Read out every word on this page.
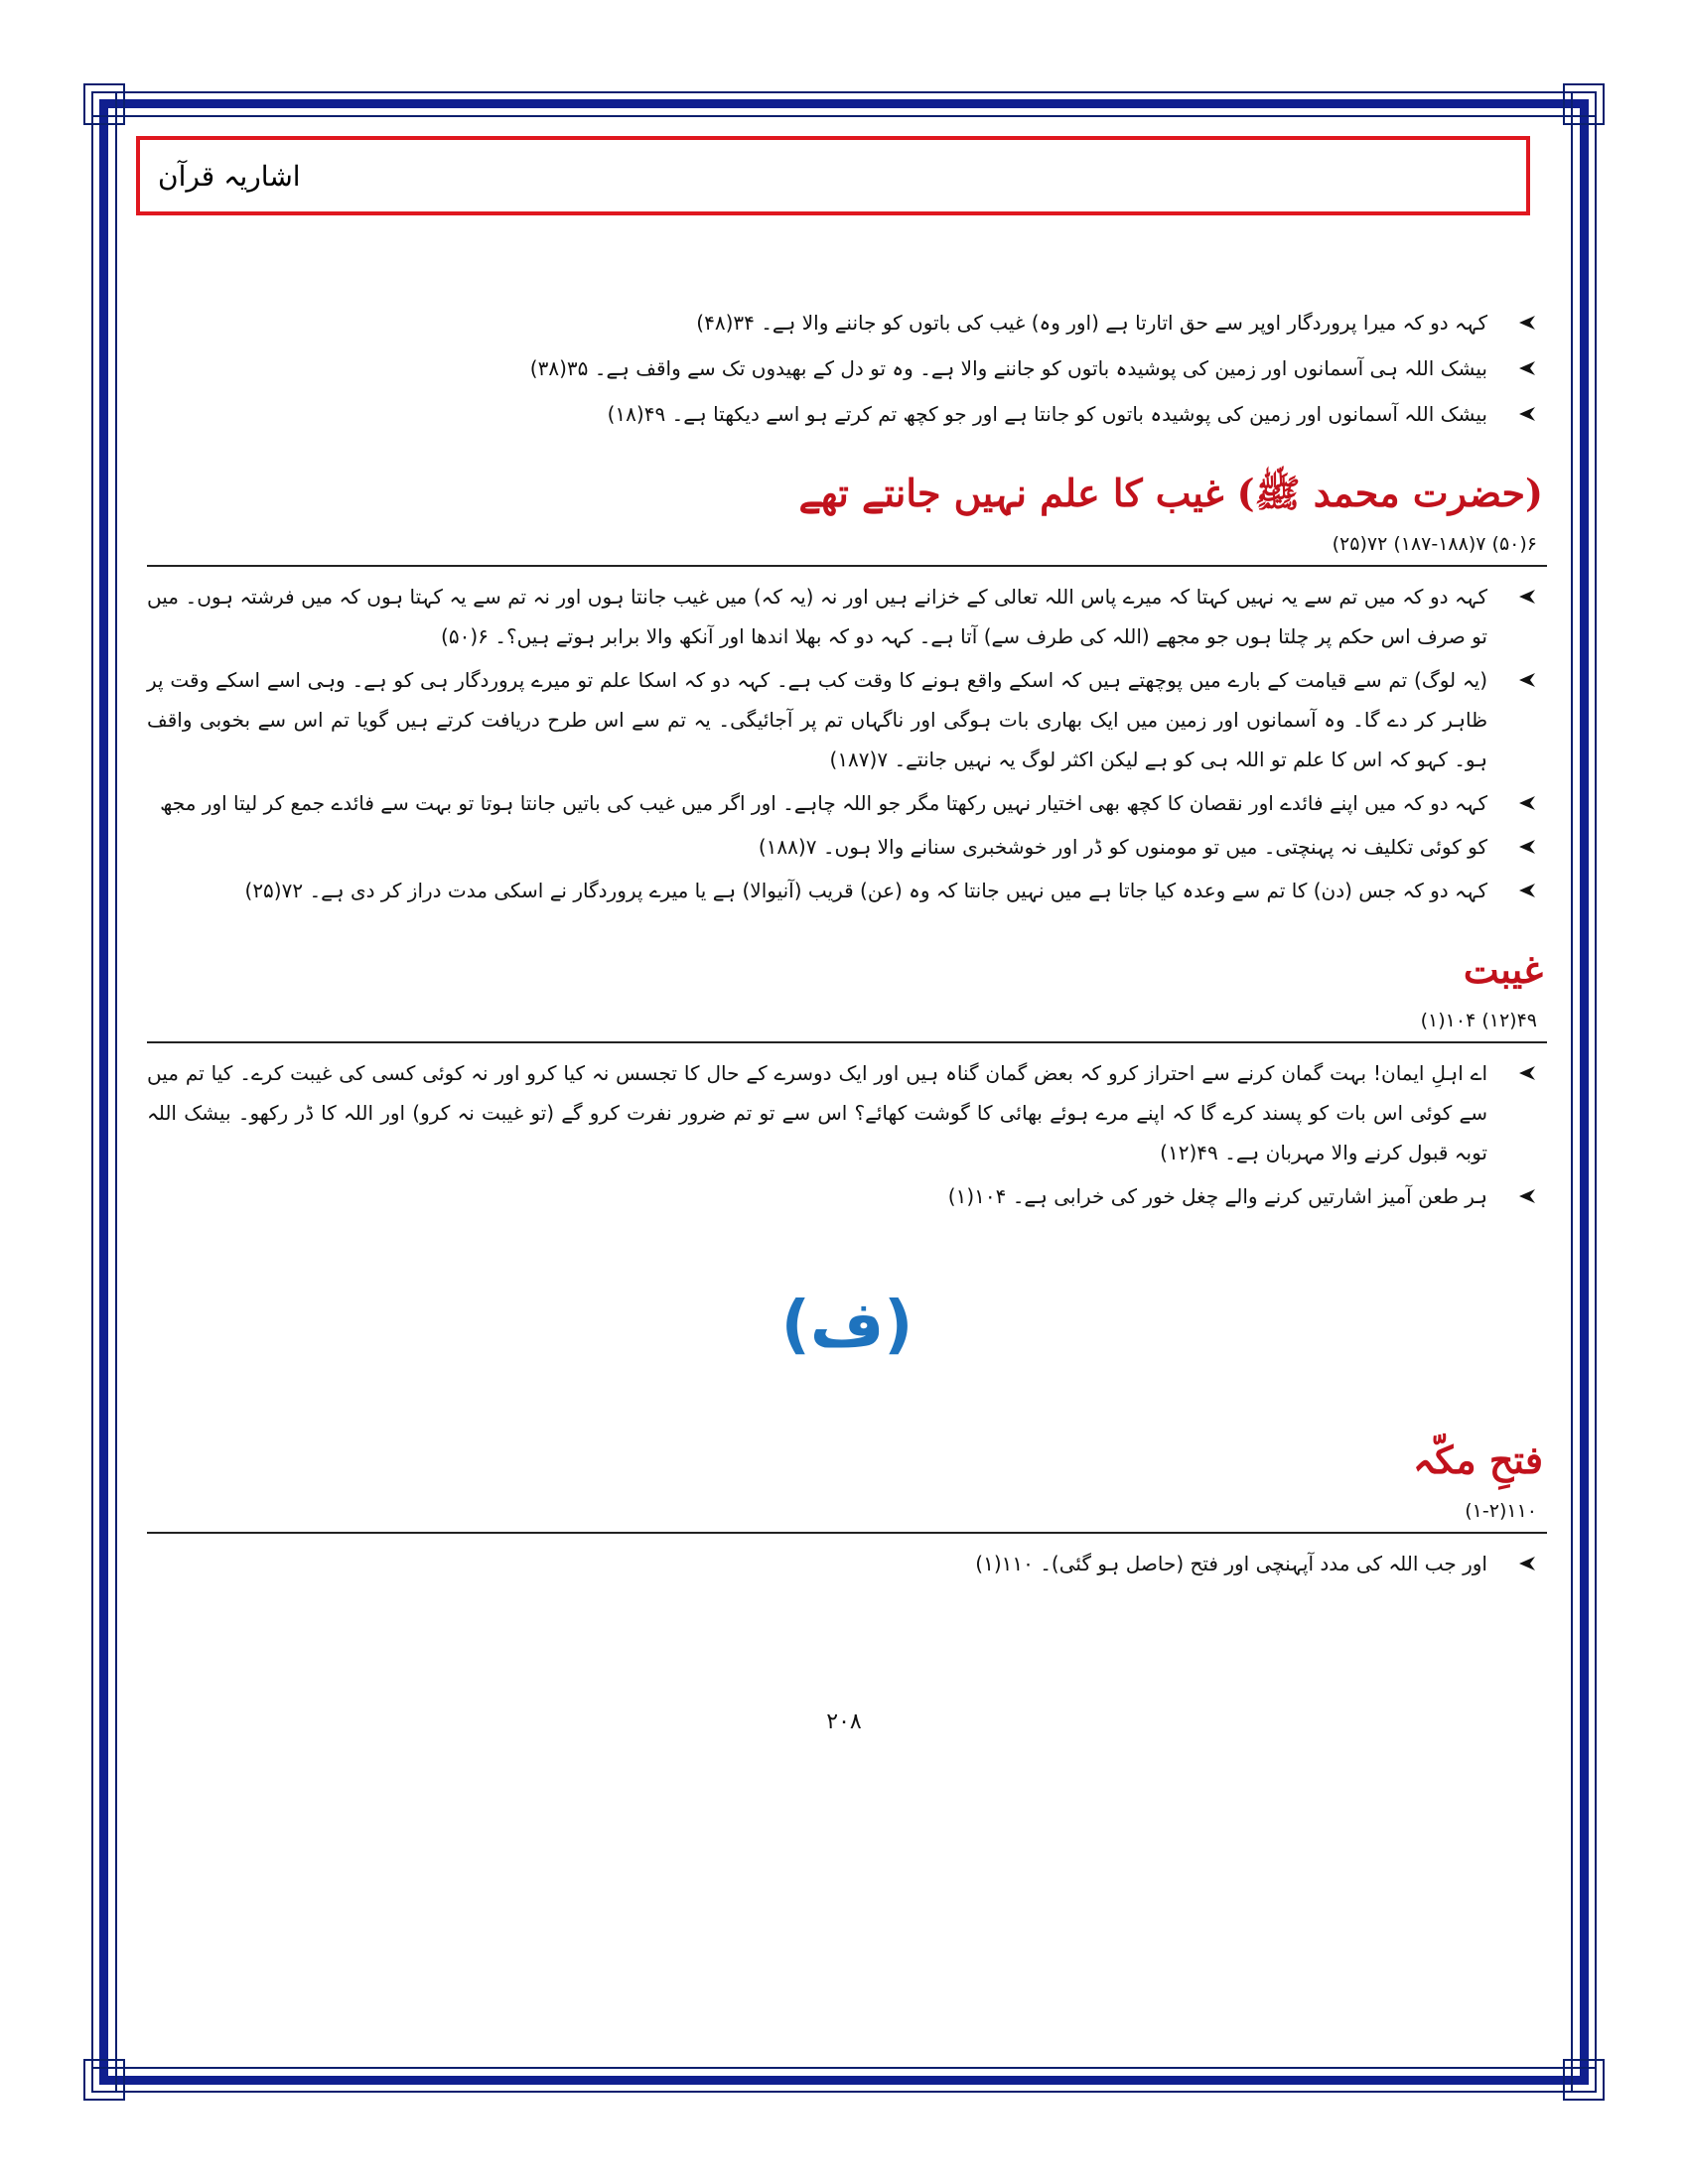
اشاریہ قرآن
کہہ دو کہ میرا پروردگار اوپر سے حق اتارتا ہے (اور وہ) غیب کی باتوں کو جاننے والا ہے۔ ۳۴(۴۸)
بیشک اللہ ہی آسمانوں اور زمین کی پوشیدہ باتوں کو جاننے والا ہے۔ وہ تو دل کے بھیدوں تک سے واقف ہے۔ ۳۵(۳۸)
بیشک اللہ آسمانوں اور زمین کی پوشیدہ باتوں کو جانتا ہے اور جو کچھ تم کرتے ہو اسے دیکھتا ہے۔ ۴۹(۱۸)
(حضرت محمد ﷺ) غیب کا علم نہیں جانتے تھے
۶(۵۰) ۷(۱۸۷-۱۸۸) ۷۲(۲۵)
کہہ دو کہ میں تم سے یہ نہیں کہتا کہ میرے پاس اللہ تعالی کے خزانے ہیں اور نہ (یہ کہ) میں غیب جانتا ہوں اور نہ تم سے یہ کہتا ہوں کہ میں فرشتہ ہوں۔ میں تو صرف اس حکم پر چلتا ہوں جو مجھے (اللہ کی طرف سے) آتا ہے۔ کہہ دو کہ بھلا اندھا اور آنکھ والا برابر ہوتے ہیں؟۔ ۶(۵۰)
(یہ لوگ) تم سے قیامت کے بارے میں پوچھتے ہیں کہ اسکے واقع ہونے کا وقت کب ہے۔ کہہ دو کہ اسکا علم تو میرے پروردگار ہی کو ہے۔ وہی اسے اسکے وقت پر ظاہر کر دے گا۔ وہ آسمانوں اور زمین میں ایک بھاری بات ہوگی اور ناگہاں تم پر آجائیگی۔ یہ تم سے اس طرح دریافت کرتے ہیں گویا تم اس سے بخوبی واقف ہو۔ کہو کہ اس کا علم تو اللہ ہی کو ہے لیکن اکثر لوگ یہ نہیں جانتے۔ ۷(۱۸۷)
کہہ دو کہ میں اپنے فائدے اور نقصان کا کچھ بھی اختیار نہیں رکھتا مگر جو اللہ چاہے۔ اور اگر میں غیب کی باتیں جانتا ہوتا تو بہت سے فائدے جمع کر لیتا اور مجھ
کو کوئی تکلیف نہ پہنچتی۔ میں تو مومنوں کو ڈر اور خوشخبری سنانے والا ہوں۔ ۷(۱۸۸)
کہہ دو کہ جس (دن) کا تم سے وعدہ کیا جاتا ہے میں نہیں جانتا کہ وہ (عن) قریب (آنیوالا) ہے یا میرے پروردگار نے اسکی مدت دراز کر دی ہے۔ ۷۲(۲۵)
غیبت
۴۹(۱۲) ۱۰۴(۱)
اے اہلِ ایمان! بہت گمان کرنے سے احتراز کرو کہ بعض گمان گناہ ہیں اور ایک دوسرے کے حال کا تجسس نہ کیا کرو اور نہ کوئی کسی کی غیبت کرے۔ کیا تم میں سے کوئی اس بات کو پسند کرے گا کہ اپنے مرے ہوئے بھائی کا گوشت کھائے؟ اس سے تو تم ضرور نفرت کرو گے (تو غیبت نہ کرو) اور اللہ کا ڈر رکھو۔ بیشک اللہ توبہ قبول کرنے والا مہربان ہے۔ ۴۹(۱۲)
ہر طعن آمیز اشارتیں کرنے والے چغل خور کی خرابی ہے۔ ۱۰۴(۱)
(ف)
فتحِ مکّہ
۱۱۰(۱-۲)
اور جب اللہ کی مدد آپہنچی اور فتح (حاصل ہو گئی)۔ ۱۱۰(۱)
۲۰۸
